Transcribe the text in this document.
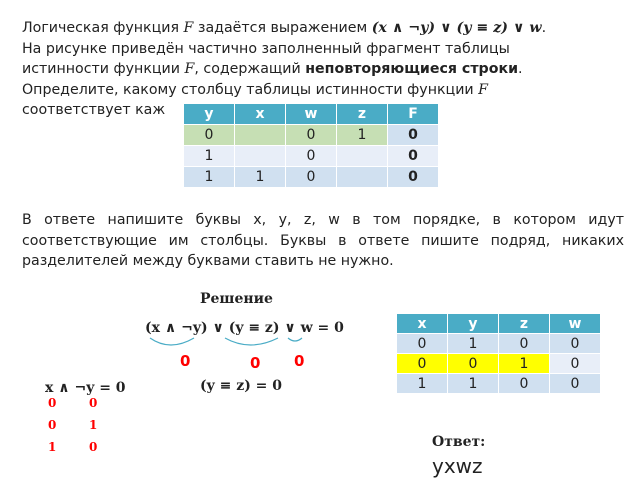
Логическая функция F задаётся выражением (x ∧ ¬y) ∨ (y ≡ z) ∨ w.
На рисунке приведён частично заполненный фрагмент таблицы
истинности функции F, содержащий неповторяющиеся строки.
Определите, какому столбцу таблицы истинности функции F
соответствует каж	y	x	w	z	F
0		0	1	0
1		0		0
1	1	0		0
В ответе напишите буквы x, y, z, w в том порядке, в котором идут соответствующие им столбцы. Буквы в ответе пишите подряд, никаких разделителей между буквами ставить не нужно.
Решение
(x ∧ ¬y) ∨ (y ≡ z) ∨ w = 0
0	0 0
(y ≡ z) = 0
x ∧ ¬y = 0
0	0
0	1
1	0
x	y	z	w
0	1	0	0
0	0	1	0
1	1	0	0
Ответ:
yxwz
